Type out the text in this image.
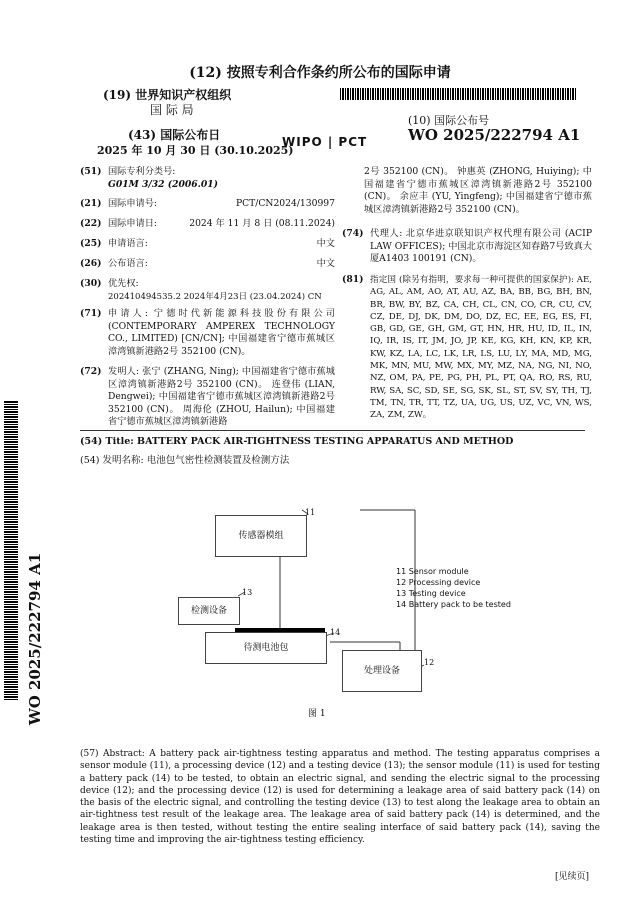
(12) 按照专利合作条约所公布的国际申请
(19) 世界知识产权组织
国 际 局
(43) 国际公布日
2025 年 10 月 30 日 (30.10.2025)
(10) 国际公布号
WO 2025/222794 A1
WIPO | PCT
WO 2025/222794 A1
(51) 国际专利分类号:
G01M 3/32 (2006.01)
(21) 国际申请号:	PCT/CN2024/130997
(22) 国际申请日:	2024 年 11 月 8 日 (08.11.2024)
(25) 申请语言:	中文
(26) 公布语言:	中文
(30) 优先权:
202410494535.2 2024年4月23日 (23.04.2024) CN
(71) 申请人: 宁德时代新能源科技股份有限公司 (CONTEMPORARY AMPEREX TECHNOLOGY CO., LIMITED) [CN/CN]; 中国福建省宁德市蕉城区漳湾镇新港路2号 352100 (CN)。
(72) 发明人: 张宁 (ZHANG, Ning); 中国福建省宁德市蕉城区漳湾镇新港路2号 352100 (CN)。 连登伟 (LIAN, Dengwei); 中国福建省宁德市蕉城区漳湾镇新港路2号 352100 (CN)。 周海伦 (ZHOU, Hailun); 中国福建省宁德市蕉城区漳湾镇新港路
2号 352100 (CN)。 钟惠英 (ZHONG, Huiying); 中国福建省宁德市蕉城区漳湾镇新港路2号 352100 (CN)。 余应丰 (YU, Yingfeng); 中国福建省宁德市蕉城区漳湾镇新港路2号 352100 (CN)。
(74) 代理人: 北京华进京联知识产权代理有限公司 (ACIP LAW OFFICES); 中国北京市海淀区知春路7号致真大厦A1403 100191 (CN)。
(81) 指定国 (除另有指明，要求每一种可提供的国家保护): AE, AG, AL, AM, AO, AT, AU, AZ, BA, BB, BG, BH, BN, BR, BW, BY, BZ, CA, CH, CL, CN, CO, CR, CU, CV, CZ, DE, DJ, DK, DM, DO, DZ, EC, EE, EG, ES, FI, GB, GD, GE, GH, GM, GT, HN, HR, HU, ID, IL, IN, IQ, IR, IS, IT, JM, JO, JP, KE, KG, KH, KN, KP, KR, KW, KZ, LA, LC, LK, LR, LS, LU, LY, MA, MD, MG, MK, MN, MU, MW, MX, MY, MZ, NA, NG, NI, NO, NZ, OM, PA, PE, PG, PH, PL, PT, QA, RO, RS, RU, RW, SA, SC, SD, SE, SG, SK, SL, ST, SV, SY, TH, TJ, TM, TN, TR, TT, TZ, UA, UG, US, UZ, VC, VN, WS, ZA, ZM, ZW。
(54) Title: BATTERY PACK AIR-TIGHTNESS TESTING APPARATUS AND METHOD
(54) 发明名称: 电池包气密性检测装置及检测方法
传感器模组
11
检测设备
13
待测电池包
14
处理设备
12
图 1
11 Sensor module
12 Processing device
13 Testing device
14 Battery pack to be tested
(57) Abstract: A battery pack air-tightness testing apparatus and method. The testing apparatus comprises a sensor module (11), a processing device (12) and a testing device (13); the sensor module (11) is used for testing a battery pack (14) to be tested, to obtain an electric signal, and sending the electric signal to the processing device (12); and the processing device (12) is used for determining a leakage area of said battery pack (14) on the basis of the electric signal, and controlling the testing device (13) to test along the leakage area to obtain an air-tightness test result of the leakage area. The leakage area of said battery pack (14) is determined, and the leakage area is then tested, without testing the entire sealing interface of said battery pack (14), saving the testing time and improving the air-tightness testing efficiency.
[见续页]
